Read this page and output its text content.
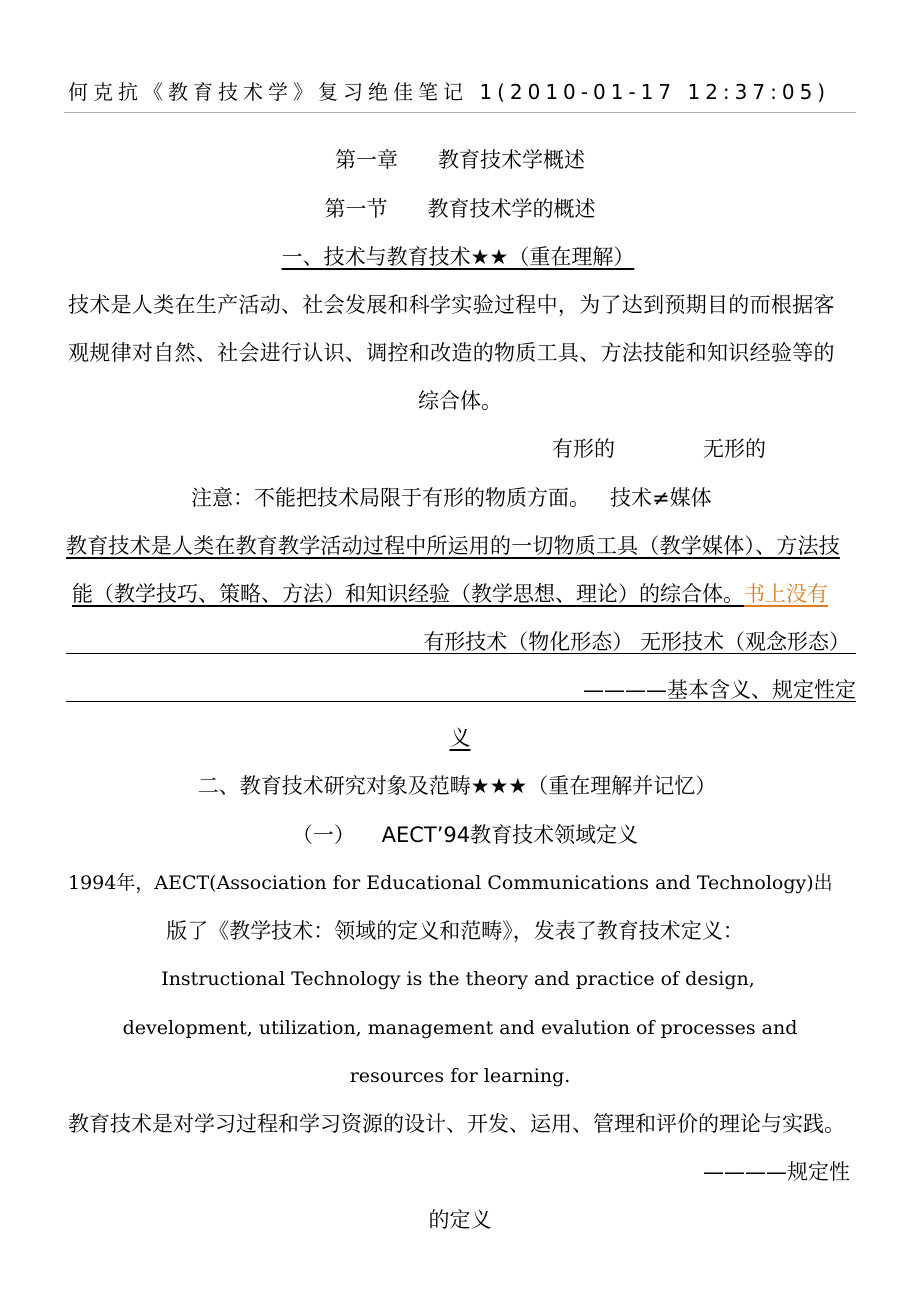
何克抗《教育技术学》复习绝佳笔记 1(2010-01-17 12:37:05)
第一章      教育技术学概述
第一节      教育技术学的概述
一、技术与教育技术★★（重在理解）
技术是人类在生产活动、社会发展和科学实验过程中，为了达到预期目的而根据客
观规律对自然、社会进行认识、调控和改造的物质工具、方法技能和知识经验等的
综合体。
有形的	无形的
注意：不能把技术局限于有形的物质方面。   技术≠媒体
教育技术是人类在教育教学活动过程中所运用的一切物质工具（教学媒体）、方法技
能（教学技巧、策略、方法）和知识经验（教学思想、理论）的综合体。书上没有
有形技术（物化形态） 无形技术（观念形态）
————基本含义、规定性定
义
二、教育技术研究对象及范畴★★★（重在理解并记忆）
（一）    AECT’94教育技术领域定义
1994年，AECT(Association for Educational Communications and Technology)出
版了《教学技术：领域的定义和范畴》，发表了教育技术定义：
Instructional Technology is the theory and practice of design,
development, utilization, management and evalution of processes and
resources for learning.
教育技术是对学习过程和学习资源的设计、开发、运用、管理和评价的理论与实践。
————规定性
的定义
